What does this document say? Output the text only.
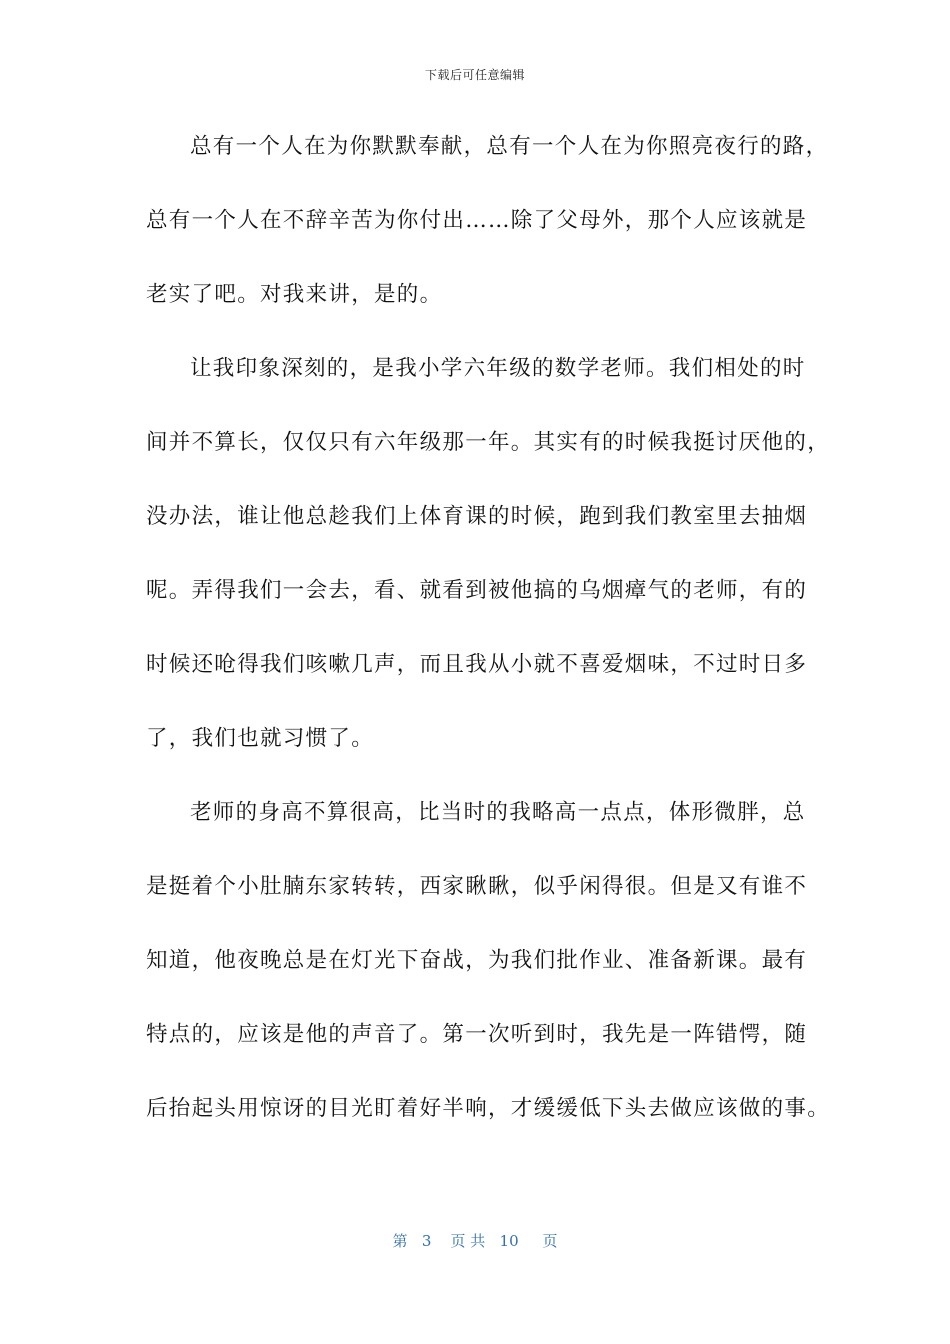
下载后可任意编辑
总有一个人在为你默默奉献，总有一个人在为你照亮夜行的路，
总有一个人在不辞辛苦为你付出……除了父母外，那个人应该就是
老实了吧。对我来讲，是的。
让我印象深刻的，是我小学六年级的数学老师。我们相处的时
间并不算长，仅仅只有六年级那一年。其实有的时候我挺讨厌他的，
没办法，谁让他总趁我们上体育课的时候，跑到我们教室里去抽烟
呢。弄得我们一会去，看、就看到被他搞的乌烟瘴气的老师，有的
时候还呛得我们咳嗽几声，而且我从小就不喜爱烟味，不过时日多
了，我们也就习惯了。
老师的身高不算很高，比当时的我略高一点点，体形微胖，总
是挺着个小肚腩东家转转，西家瞅瞅，似乎闲得很。但是又有谁不
知道，他夜晚总是在灯光下奋战，为我们批作业、准备新课。最有
特点的，应该是他的声音了。第一次听到时，我先是一阵错愕，随
后抬起头用惊讶的目光盯着好半响，才缓缓低下头去做应该做的事。
第   3    页 共   10     页
